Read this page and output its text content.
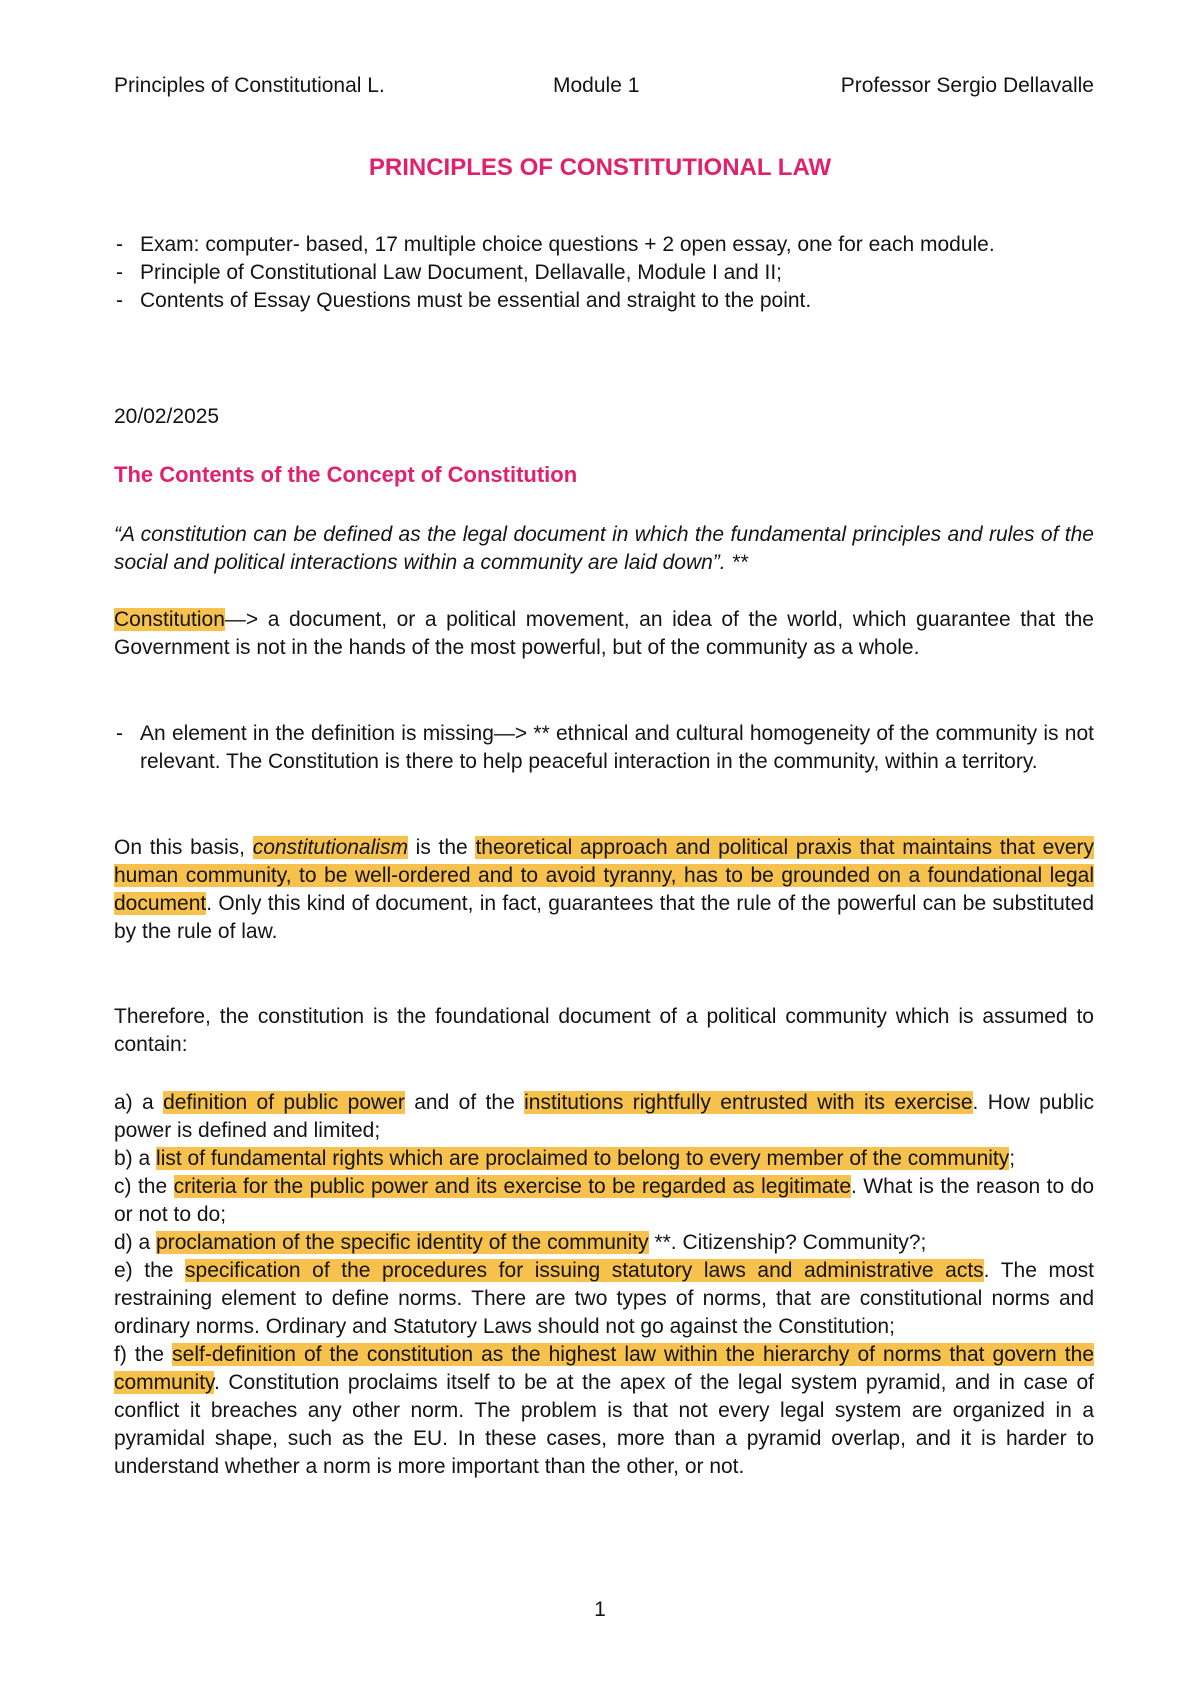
Principles of Constitutional L.	Module 1	Professor Sergio Dellavalle
PRINCIPLES OF CONSTITUTIONAL LAW
- Exam: computer- based, 17 multiple choice questions + 2 open essay, one for each module.
- Principle of Constitutional Law Document, Dellavalle, Module I and II;
- Contents of Essay Questions must be essential and straight to the point.

20/02/2025

The Contents of the Concept of Constitution

“A constitution can be defined as the legal document in which the fundamental principles and rules of the social and political interactions within a community are laid down”. **

Constitution—> a document, or a political movement, an idea of the world, which guarantee that the Government is not in the hands of the most powerful, but of the community as a whole.

- An element in the definition is missing—> ** ethnical and cultural homogeneity of the community is not relevant. The Constitution is there to help peaceful interaction in the community, within a territory.

On this basis, constitutionalism is the theoretical approach and political praxis that maintains that every human community, to be well-ordered and to avoid tyranny, has to be grounded on a foundational legal document. Only this kind of document, in fact, guarantees that the rule of the powerful can be substituted by the rule of law.

Therefore, the constitution is the foundational document of a political community which is assumed to contain:

a) a definition of public power and of the institutions rightfully entrusted with its exercise. How public power is defined and limited;
b) a list of fundamental rights which are proclaimed to belong to every member of the community;
c) the criteria for the public power and its exercise to be regarded as legitimate. What is the reason to do or not to do;
d) a proclamation of the specific identity of the community **. Citizenship? Community?;
e) the specification of the procedures for issuing statutory laws and administrative acts. The most restraining element to define norms. There are two types of norms, that are constitutional norms and ordinary norms. Ordinary and Statutory Laws should not go against the Constitution;
f) the self-definition of the constitution as the highest law within the hierarchy of norms that govern the community. Constitution proclaims itself to be at the apex of the legal system pyramid, and in case of conflict it breaches any other norm. The problem is that not every legal system are organized in a pyramidal shape, such as the EU. In these cases, more than a pyramid overlap, and it is harder to understand whether a norm is more important than the other, or not.
1
